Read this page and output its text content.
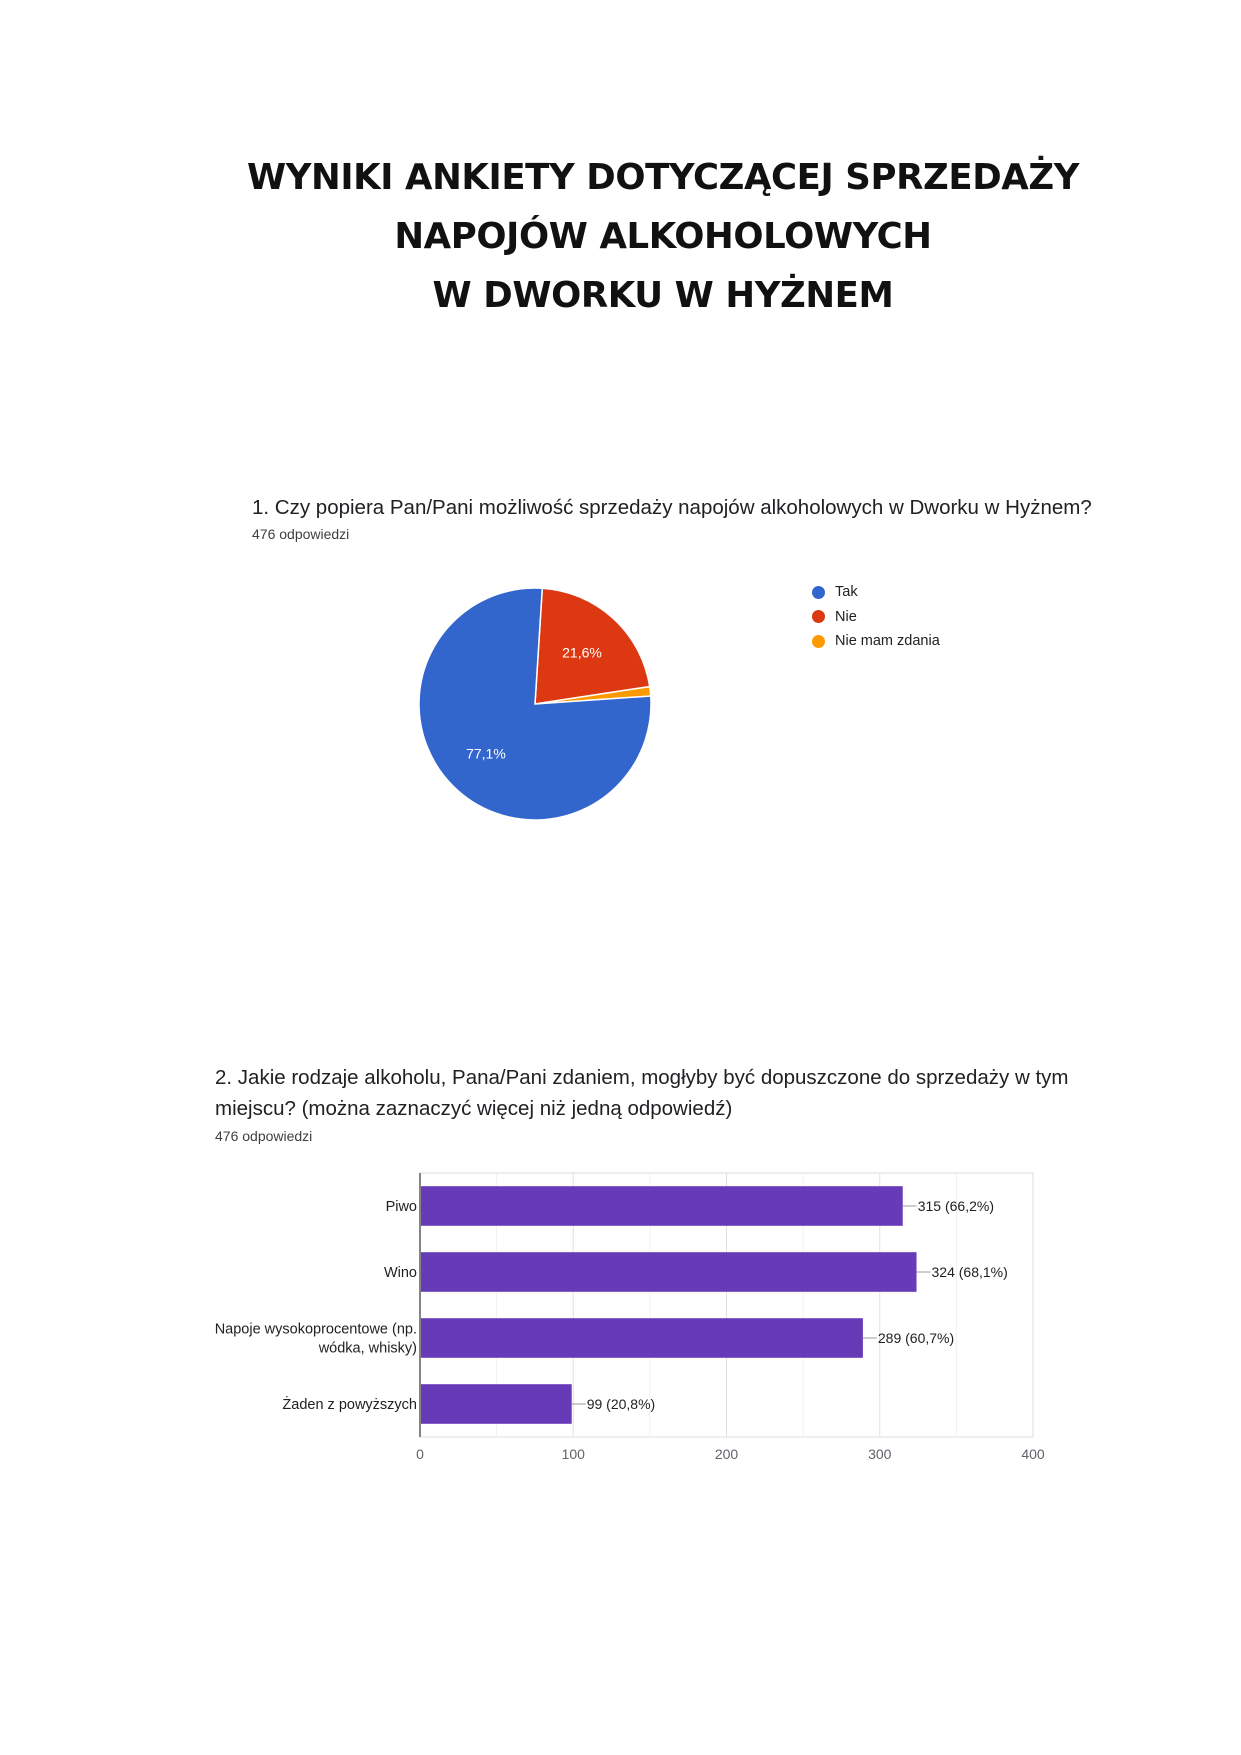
WYNIKI ANKIETY DOTYCZĄCEJ SPRZEDAŻY
NAPOJÓW ALKOHOLOWYCH
W DWORKU W HYŻNEM
1. Czy popiera Pan/Pani możliwość sprzedaży napojów alkoholowych w Dworku w Hyżnem?
476 odpowiedzi
21,6%
77,1%
Tak
Nie
Nie mam zdania
2. Jakie rodzaje alkoholu, Pana/Pani zdaniem, mogłyby być dopuszczone do sprzedaży w tym miejscu? (można zaznaczyć więcej niż jedną odpowiedź)
476 odpowiedzi
0	100	200	300	400
315 (66,2%)
Piwo
324 (68,1%)
Wino
289 (60,7%)
Napoje wysokoprocentowe (np.
wódka, whisky)
99 (20,8%)
Żaden z powyższych
